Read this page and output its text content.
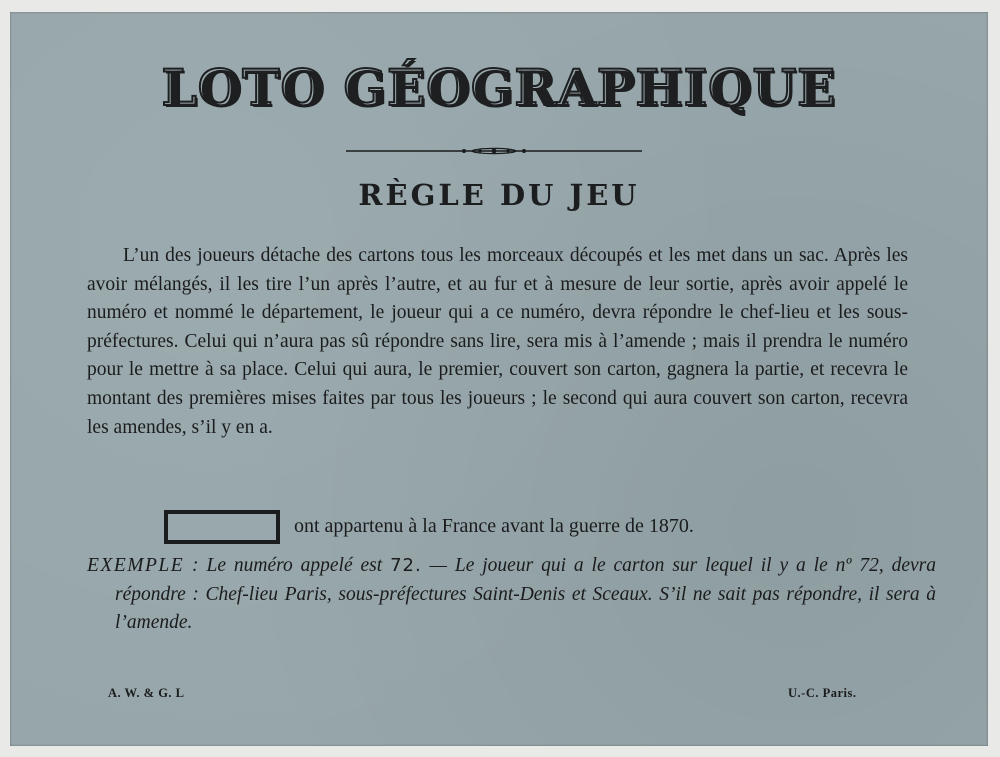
LOTO GÉOGRAPHIQUE
RÈGLE DU JEU

L’un des joueurs détache des cartons tous les morceaux découpés et les met dans un sac. Après les avoir mélangés, il les tire l’un après l’autre, et au fur et à mesure de leur sortie, après avoir appelé le numéro et nommé le département, le joueur qui a ce numéro, devra répondre le chef-lieu et les sous-préfectures. Celui qui n’aura pas sû répondre sans lire, sera mis à l’amende ; mais il prendra le numéro pour le mettre à sa place. Celui qui aura, le premier, couvert son carton, gagnera la partie, et recevra le montant des premières mises faites par tous les joueurs ; le second qui aura couvert son carton, recevra les amendes, s’il y en a.

ont appartenu à la France avant la guerre de 1870.

EXEMPLE : Le numéro appelé est 72. — Le joueur qui a le carton sur lequel il y a le nº 72, devra répondre : Chef-lieu Paris, sous-préfectures Saint-Denis et Sceaux. S’il ne sait pas répondre, il sera à l’amende.

A. W. & G. L	U.-C. Paris.
